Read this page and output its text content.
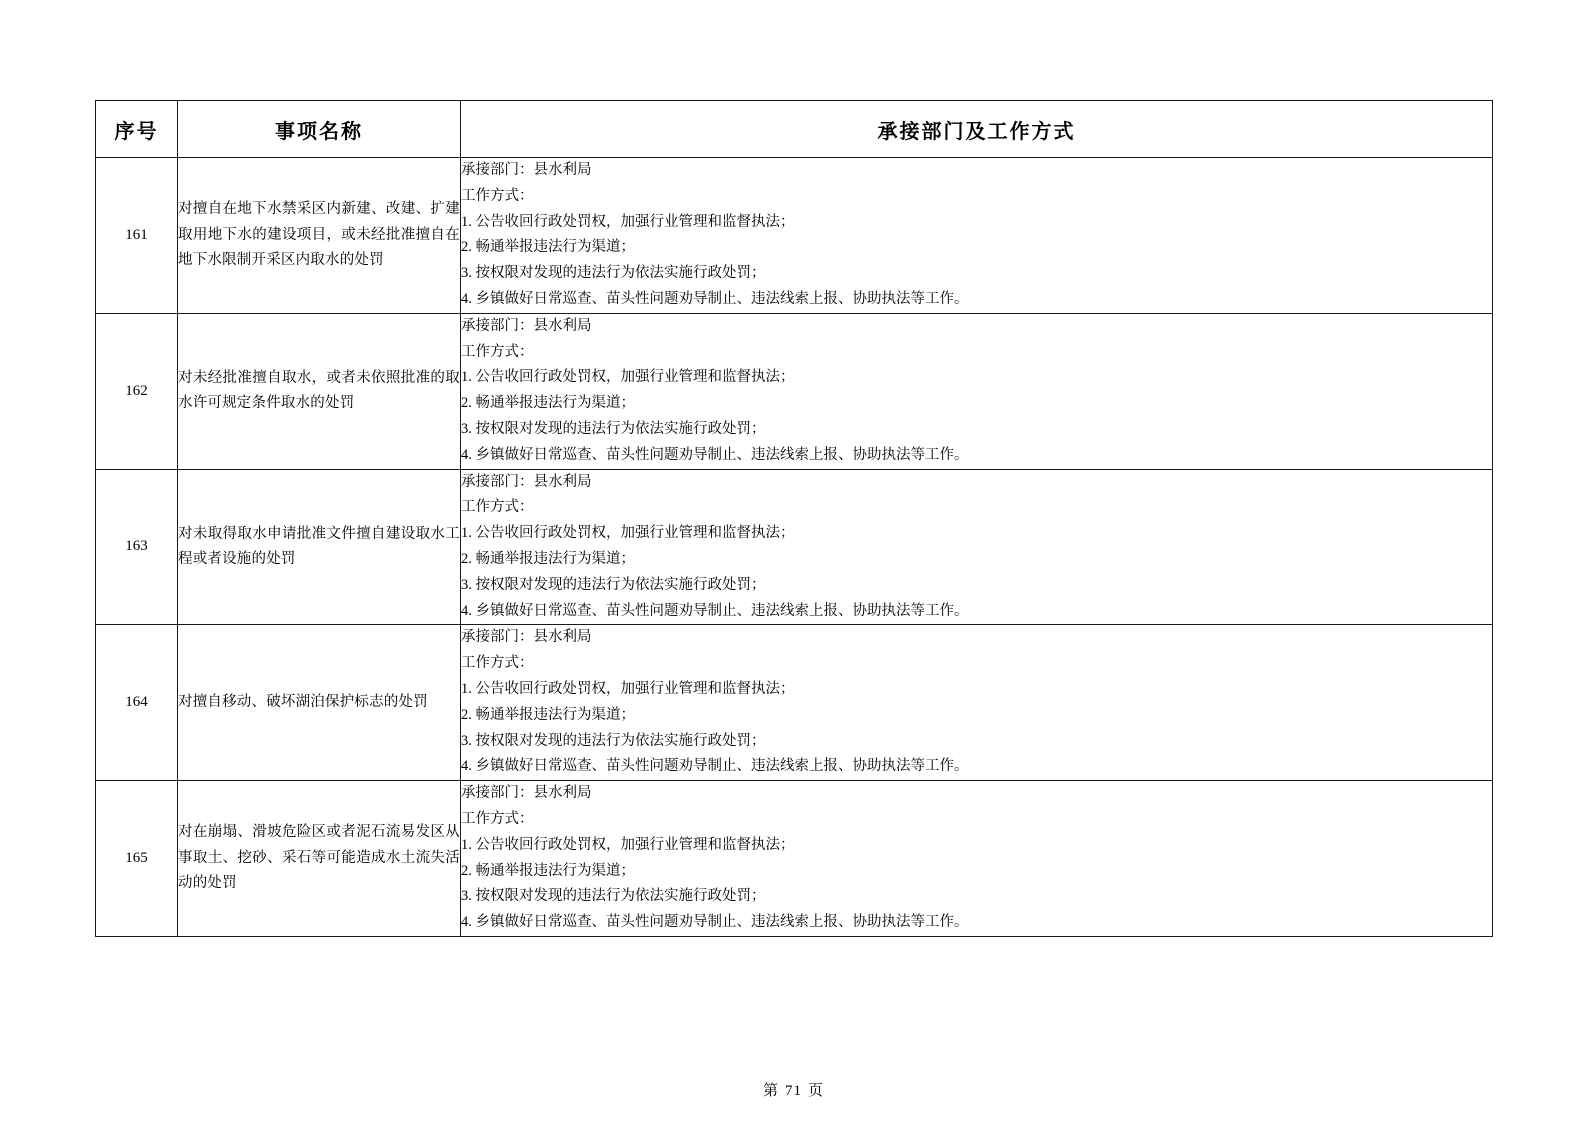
序号	事项名称	承接部门及工作方式
161	对擅自在地下水禁采区内新建、改建、扩建取用地下水的建设项目，或未经批准擅自在地下水限制开采区内取水的处罚	
承接部门：县水利局
工作方式：
1. 公告收回行政处罚权，加强行业管理和监督执法；
2. 畅通举报违法行为渠道；
3. 按权限对发现的违法行为依法实施行政处罚；
4. 乡镇做好日常巡查、苗头性问题劝导制止、违法线索上报、协助执法等工作。

162	对未经批准擅自取水，或者未依照批准的取水许可规定条件取水的处罚	
承接部门：县水利局
工作方式：
1. 公告收回行政处罚权，加强行业管理和监督执法；
2. 畅通举报违法行为渠道；
3. 按权限对发现的违法行为依法实施行政处罚；
4. 乡镇做好日常巡查、苗头性问题劝导制止、违法线索上报、协助执法等工作。

163	对未取得取水申请批准文件擅自建设取水工程或者设施的处罚	
承接部门：县水利局
工作方式：
1. 公告收回行政处罚权，加强行业管理和监督执法；
2. 畅通举报违法行为渠道；
3. 按权限对发现的违法行为依法实施行政处罚；
4. 乡镇做好日常巡查、苗头性问题劝导制止、违法线索上报、协助执法等工作。

164	对擅自移动、破坏湖泊保护标志的处罚	
承接部门：县水利局
工作方式：
1. 公告收回行政处罚权，加强行业管理和监督执法；
2. 畅通举报违法行为渠道；
3. 按权限对发现的违法行为依法实施行政处罚；
4. 乡镇做好日常巡查、苗头性问题劝导制止、违法线索上报、协助执法等工作。

165	对在崩塌、滑坡危险区或者泥石流易发区从事取土、挖砂、采石等可能造成水土流失活动的处罚	
承接部门：县水利局
工作方式：
1. 公告收回行政处罚权，加强行业管理和监督执法；
2. 畅通举报违法行为渠道；
3. 按权限对发现的违法行为依法实施行政处罚；
4. 乡镇做好日常巡查、苗头性问题劝导制止、违法线索上报、协助执法等工作。
第 71 页
